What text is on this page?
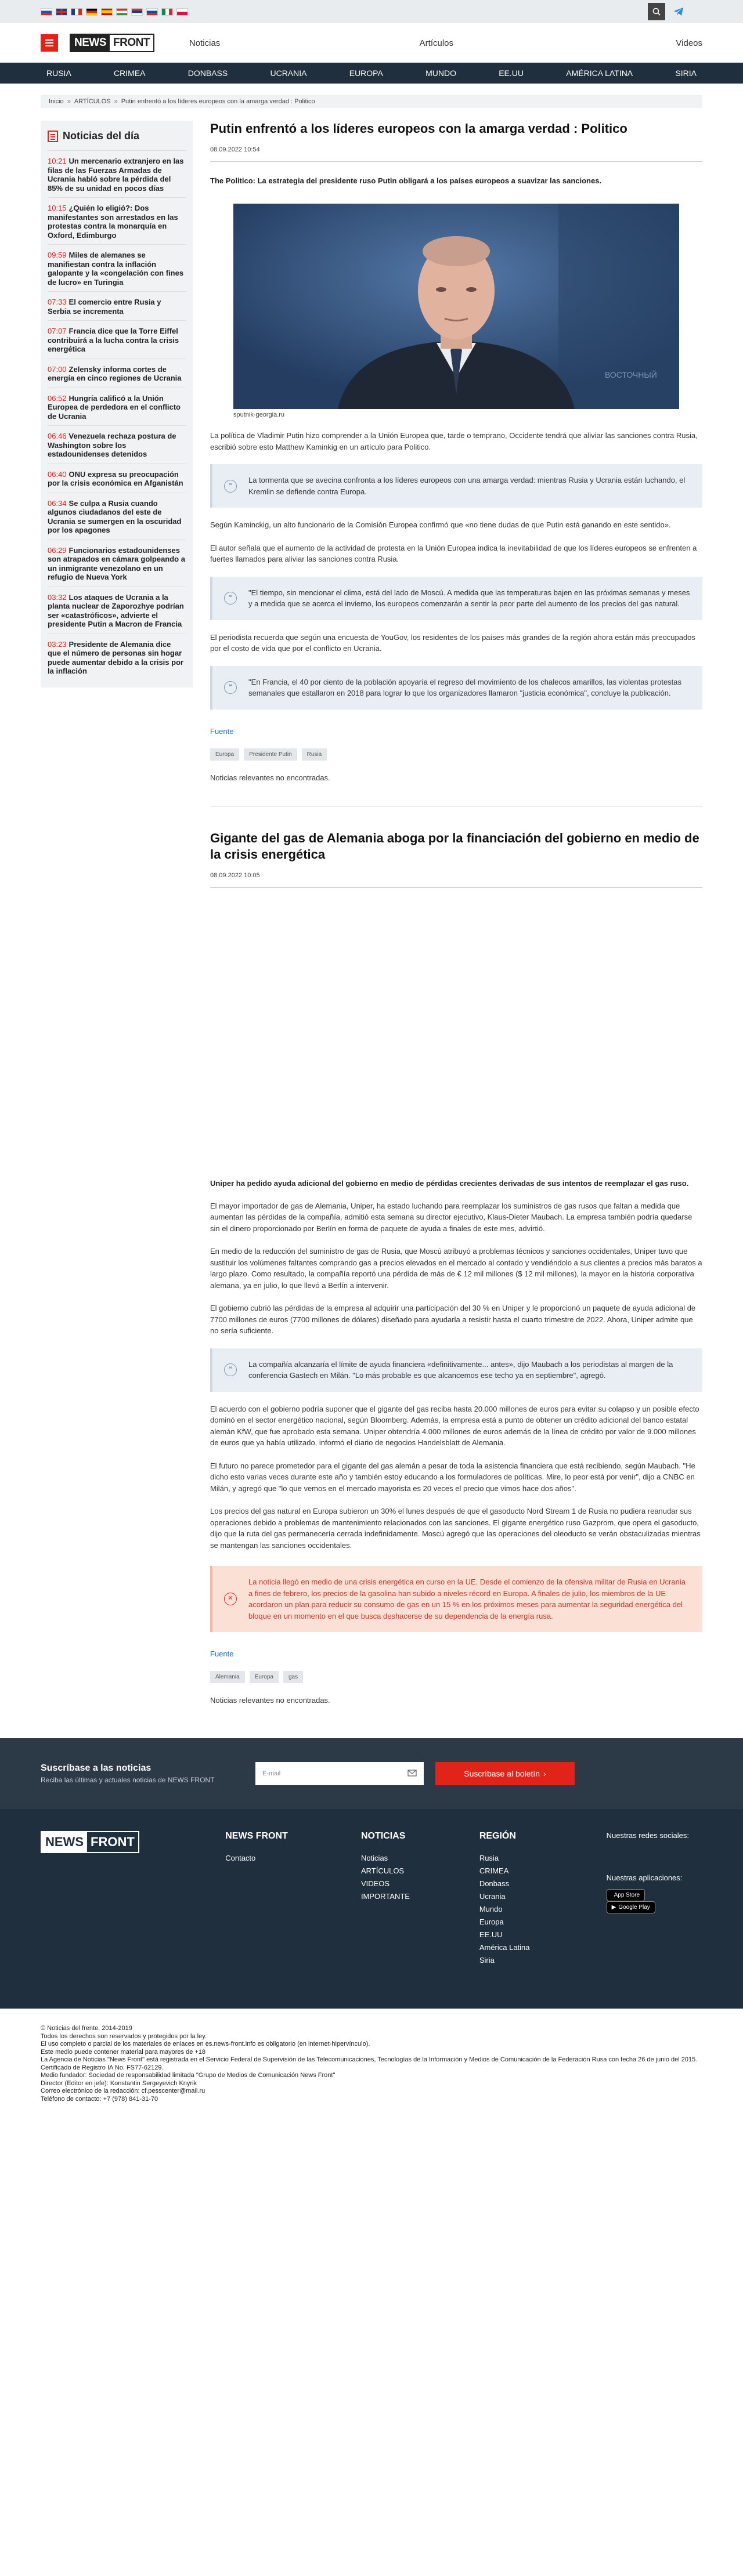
NEWS FRONT	Noticias	Artículos	Videos
RUSIA	CRIMEA	DONBASS	UCRANIA	EUROPA	MUNDO	EE.UU	AMÉRICA LATINA	SIRIA
Inicio » ARTÍCULOS » Putin enfrentó a los líderes europeos con la amarga verdad : Politico
Noticias del día
10:21 Un mercenario extranjero en las filas de las Fuerzas Armadas de Ucrania habló sobre la pérdida del 85% de su unidad en pocos días
10:15 ¿Quién lo eligió?: Dos manifestantes son arrestados en las protestas contra la monarquía en Oxford, Edimburgo
09:59 Miles de alemanes se manifiestan contra la inflación galopante y la «congelación con fines de lucro» en Turingia
07:33 El comercio entre Rusia y Serbia se incrementa
07:07 Francia dice que la Torre Eiffel contribuirá a la lucha contra la crisis energética
07:00 Zelensky informa cortes de energía en cinco regiones de Ucrania
06:52 Hungría calificó a la Unión Europea de perdedora en el conflicto de Ucrania
06:46 Venezuela rechaza postura de Washington sobre los estadounidenses detenidos
06:40 ONU expresa su preocupación por la crisis económica en Afganistán
06:34 Se culpa a Rusia cuando algunos ciudadanos del este de Ucrania se sumergen en la oscuridad por los apagones
06:29 Funcionarios estadounidenses son atrapados en cámara golpeando a un inmigrante venezolano en un refugio de Nueva York
03:32 Los ataques de Ucrania a la planta nuclear de Zaporozhye podrían ser «catastróficos», advierte el presidente Putin a Macron de Francia
03:23 Presidente de Alemania dice que el número de personas sin hogar puede aumentar debido a la crisis por la inflación
Putin enfrentó a los líderes europeos con la amarga verdad : Politico
08.09.2022 10:54

The Politico: La estrategia del presidente ruso Putin obligará a los países europeos a suavizar las sanciones.

ВОСТОЧНЫЙ
sputnik-georgia.ru

La política de Vladimir Putin hizo comprender a la Unión Europea que, tarde o temprano, Occidente tendrá que aliviar las sanciones contra Rusia, escribió sobre esto Matthew Kaminkig en un artículo para Politico.

❝
La tormenta que se avecina confronta a los líderes europeos con una amarga verdad: mientras Rusia y Ucrania están luchando, el Kremlin se defiende contra Europa.

Según Kaminckig, un alto funcionario de la Comisión Europea confirmó que «no tiene dudas de que Putin está ganando en este sentido».

El autor señala que el aumento de la actividad de protesta en la Unión Europea indica la inevitabilidad de que los líderes europeos se enfrenten a fuertes llamados para aliviar las sanciones contra Rusia.

❝
"El tiempo, sin mencionar el clima, está del lado de Moscú. A medida que las temperaturas bajen en las próximas semanas y meses y a medida que se acerca el invierno, los europeos comenzarán a sentir la peor parte del aumento de los precios del gas natural.

El periodista recuerda que según una encuesta de YouGov, los residentes de los países más grandes de la región ahora están más preocupados por el costo de vida que por el conflicto en Ucrania.

❝
"En Francia, el 40 por ciento de la población apoyaría el regreso del movimiento de los chalecos amarillos, las violentas protestas semanales que estallaron en 2018 para lograr lo que los organizadores llamaron "justicia económica", concluye la publicación.
Fuente
Europa	Presidente Putin	Rusia
Noticias relevantes no encontradas.
Gigante del gas de Alemania aboga por la financiación del gobierno en medio de la crisis energética
08.09.2022 10:05

Uniper ha pedido ayuda adicional del gobierno en medio de pérdidas crecientes derivadas de sus intentos de reemplazar el gas ruso.

El mayor importador de gas de Alemania, Uniper, ha estado luchando para reemplazar los suministros de gas rusos que faltan a medida que aumentan las pérdidas de la compañía, admitió esta semana su director ejecutivo, Klaus-Dieter Maubach. La empresa también podría quedarse sin el dinero proporcionado por Berlín en forma de paquete de ayuda a finales de este mes, advirtió.

En medio de la reducción del suministro de gas de Rusia, que Moscú atribuyó a problemas técnicos y sanciones occidentales, Uniper tuvo que sustituir los volúmenes faltantes comprando gas a precios elevados en el mercado al contado y vendiéndolo a sus clientes a precios más baratos a largo plazo. Como resultado, la compañía reportó una pérdida de más de € 12 mil millones ($ 12 mil millones), la mayor en la historia corporativa alemana, ya en julio, lo que llevó a Berlín a intervenir.

El gobierno cubrió las pérdidas de la empresa al adquirir una participación del 30 % en Uniper y le proporcionó un paquete de ayuda adicional de 7700 millones de euros (7700 millones de dólares) diseñado para ayudarla a resistir hasta el cuarto trimestre de 2022. Ahora, Uniper admite que no sería suficiente.

❝
La compañía alcanzaría el límite de ayuda financiera «definitivamente... antes», dijo Maubach a los periodistas al margen de la conferencia Gastech en Milán. "Lo más probable es que alcancemos ese techo ya en septiembre", agregó.

El acuerdo con el gobierno podría suponer que el gigante del gas reciba hasta 20.000 millones de euros para evitar su colapso y un posible efecto dominó en el sector energético nacional, según Bloomberg. Además, la empresa está a punto de obtener un crédito adicional del banco estatal alemán KfW, que fue aprobado esta semana. Uniper obtendría 4.000 millones de euros además de la línea de crédito por valor de 9.000 millones de euros que ya había utilizado, informó el diario de negocios Handelsblatt de Alemania.

El futuro no parece prometedor para el gigante del gas alemán a pesar de toda la asistencia financiera que está recibiendo, según Maubach. "He dicho esto varias veces durante este año y también estoy educando a los formuladores de políticas. Mire, lo peor está por venir", dijo a CNBC en Milán, y agregó que "lo que vemos en el mercado mayorista es 20 veces el precio que vimos hace dos años".

Los precios del gas natural en Europa subieron un 30% el lunes después de que el gasoducto Nord Stream 1 de Rusia no pudiera reanudar sus operaciones debido a problemas de mantenimiento relacionados con las sanciones. El gigante energético ruso Gazprom, que opera el gasoducto, dijo que la ruta del gas permanecería cerrada indefinidamente. Moscú agregó que las operaciones del oleoducto se verán obstaculizadas mientras se mantengan las sanciones occidentales.

✕
La noticia llegó en medio de una crisis energética en curso en la UE. Desde el comienzo de la ofensiva militar de Rusia en Ucrania a fines de febrero, los precios de la gasolina han subido a niveles récord en Europa. A finales de julio, los miembros de la UE acordaron un plan para reducir su consumo de gas en un 15 % en los próximos meses para aumentar la seguridad energética del bloque en un momento en el que busca deshacerse de su dependencia de la energía rusa.
Fuente
Alemania	Europa	gas
Noticias relevantes no encontradas.
Suscríbase a las noticias
Reciba las últimas y actuales noticias de NEWS FRONT
E-mail	Suscríbase al boletín ›
NEWS FRONT	NEWS FRONT
Contacto
NOTICIAS
Noticias
ARTÍCULOS
VIDEOS
IMPORTANTE
REGIÓN
Rusia
CRIMEA
Donbass
Ucrania
Mundo
Europa
EE.UU
América Latina
Siria
Nuestras redes sociales:
Nuestras aplicaciones:
App Store

▶ Google Play
© Noticias del frente. 2014-2019
Todos los derechos son reservados y protegidos por la ley.
El uso completo o parcial de los materiales de enlaces en es.news-front.info es obligatorio (en internet-hipervínculo).
Este medio puede contener material para mayores de +18
La Agencia de Noticias "News Front" está registrada en el Servicio Federal de Supervisión de las Telecomunicaciones, Tecnologías de la Información y Medios de Comunicación de la Federación Rusa con fecha 26 de junio del 2015. Certificado de Registro IA No. FS77-62129.
Medio fundador: Sociedad de responsabilidad limitada "Grupo de Medios de Comunicación News Front"
Director (Editor en jefe): Konstantin Sergeyevich Knyrik
Correo electrónico de la redacción: cf.pesscenter@mail.ru
Teléfono de contacto: +7 (978) 841-31-70
